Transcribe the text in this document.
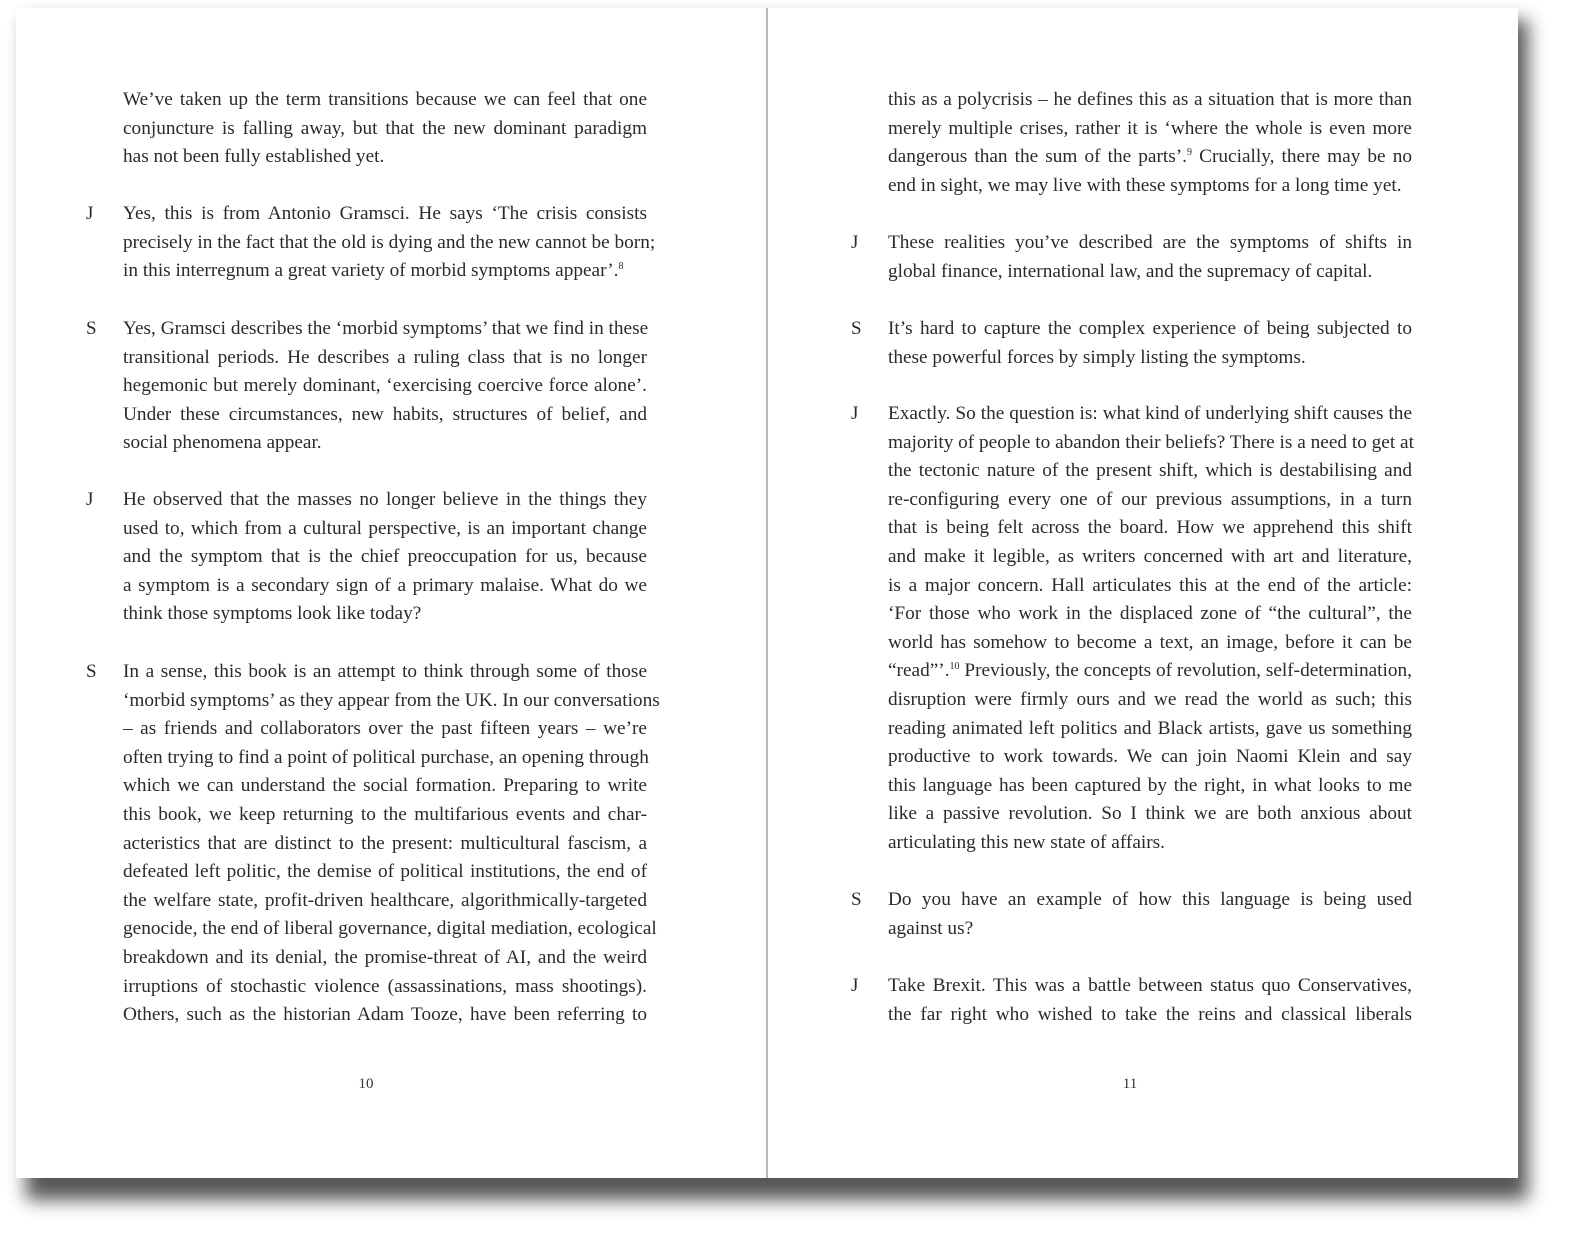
We’ve taken up the term transitions because we can feel that one
conjuncture is falling away, but that the new dominant paradigm
has not been fully established yet.
J	Yes, this is from Antonio Gramsci. He says ‘The crisis consists
precisely in the fact that the old is dying and the new cannot be born;
in this interregnum a great variety of morbid symptoms appear’.$^8$
S	Yes, Gramsci describes the ‘morbid symptoms’ that we find in these
transitional periods. He describes a ruling class that is no longer
hegemonic but merely dominant, ‘exercising coercive force alone’.
Under these circumstances, new habits, structures of belief, and
social phenomena appear.
J	He observed that the masses no longer believe in the things they
used to, which from a cultural perspective, is an important change
and the symptom that is the chief preoccupation for us, because
a symptom is a secondary sign of a primary malaise. What do we
think those symptoms look like today?
S	In a sense, this book is an attempt to think through some of those
‘morbid symptoms’ as they appear from the UK. In our conversations
– as friends and collaborators over the past fifteen years – we’re
often trying to find a point of political purchase, an opening through
which we can understand the social formation. Preparing to write
this book, we keep returning to the multifarious events and char-
acteristics that are distinct to the present: multicultural fascism, a
defeated left politic, the demise of political institutions, the end of
the welfare state, profit-driven healthcare, algorithmically-targeted
genocide, the end of liberal governance, digital mediation, ecological
breakdown and its denial, the promise-threat of AI, and the weird
irruptions of stochastic violence (assassinations, mass shootings).
Others, such as the historian Adam Tooze, have been referring to
10
this as a polycrisis – he defines this as a situation that is more than
merely multiple crises, rather it is ‘where the whole is even more
dangerous than the sum of the parts’.$^9$ Crucially, there may be no
end in sight, we may live with these symptoms for a long time yet.
J	These realities you’ve described are the symptoms of shifts in
global finance, international law, and the supremacy of capital.
S	It’s hard to capture the complex experience of being subjected to
these powerful forces by simply listing the symptoms.
J	Exactly. So the question is: what kind of underlying shift causes the
majority of people to abandon their beliefs? There is a need to get at
the tectonic nature of the present shift, which is destabilising and
re-configuring every one of our previous assumptions, in a turn
that is being felt across the board. How we apprehend this shift
and make it legible, as writers concerned with art and literature,
is a major concern. Hall articulates this at the end of the article:
‘For those who work in the displaced zone of “the cultural”, the
world has somehow to become a text, an image, before it can be
“read”’.$^{10}$ Previously, the concepts of revolution, self-determination,
disruption were firmly ours and we read the world as such; this
reading animated left politics and Black artists, gave us something
productive to work towards. We can join Naomi Klein and say
this language has been captured by the right, in what looks to me
like a passive revolution. So I think we are both anxious about
articulating this new state of affairs.
S	Do you have an example of how this language is being used
against us?
J	Take Brexit. This was a battle between status quo Conservatives,
the far right who wished to take the reins and classical liberals
11
